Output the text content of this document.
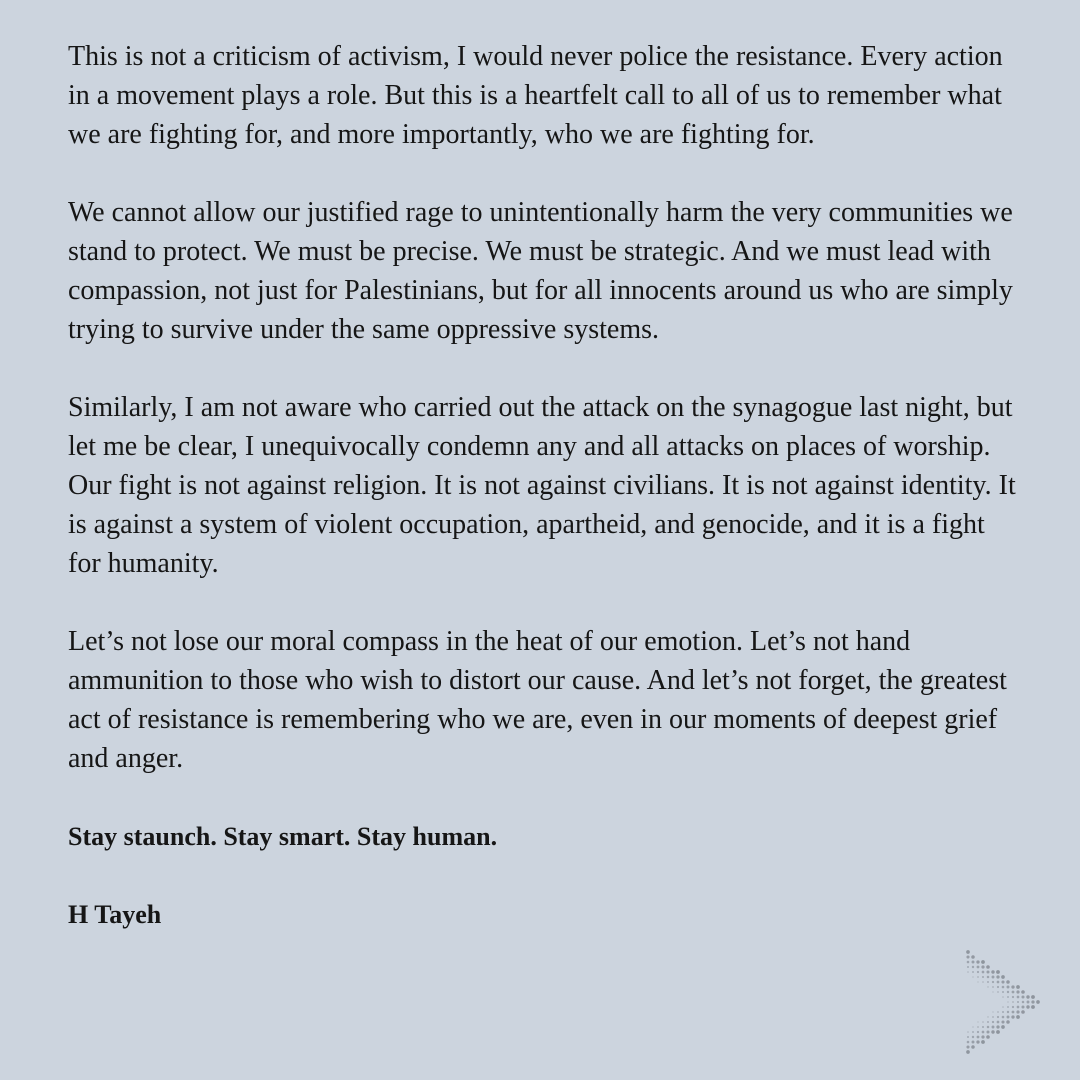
This is not a criticism of activism, I would never police the resistance. Every action in a movement plays a role. But this is a heartfelt call to all of us to remember what we are fighting for, and more importantly, who we are fighting for.

We cannot allow our justified rage to unintentionally harm the very communities we stand to protect. We must be precise. We must be strategic. And we must lead with compassion, not just for Palestinians, but for all innocents around us who are simply trying to survive under the same oppressive systems.

Similarly, I am not aware who carried out the attack on the synagogue last night, but let me be clear, I unequivocally condemn any and all attacks on places of worship. Our fight is not against religion. It is not against civilians. It is not against identity. It is against a system of violent occupation, apartheid, and genocide, and it is a fight for humanity.

Let’s not lose our moral compass in the heat of our emotion. Let’s not hand ammunition to those who wish to distort our cause. And let’s not forget, the greatest act of resistance is remembering who we are, even in our moments of deepest grief and anger.

Stay staunch. Stay smart. Stay human.

H Tayeh
